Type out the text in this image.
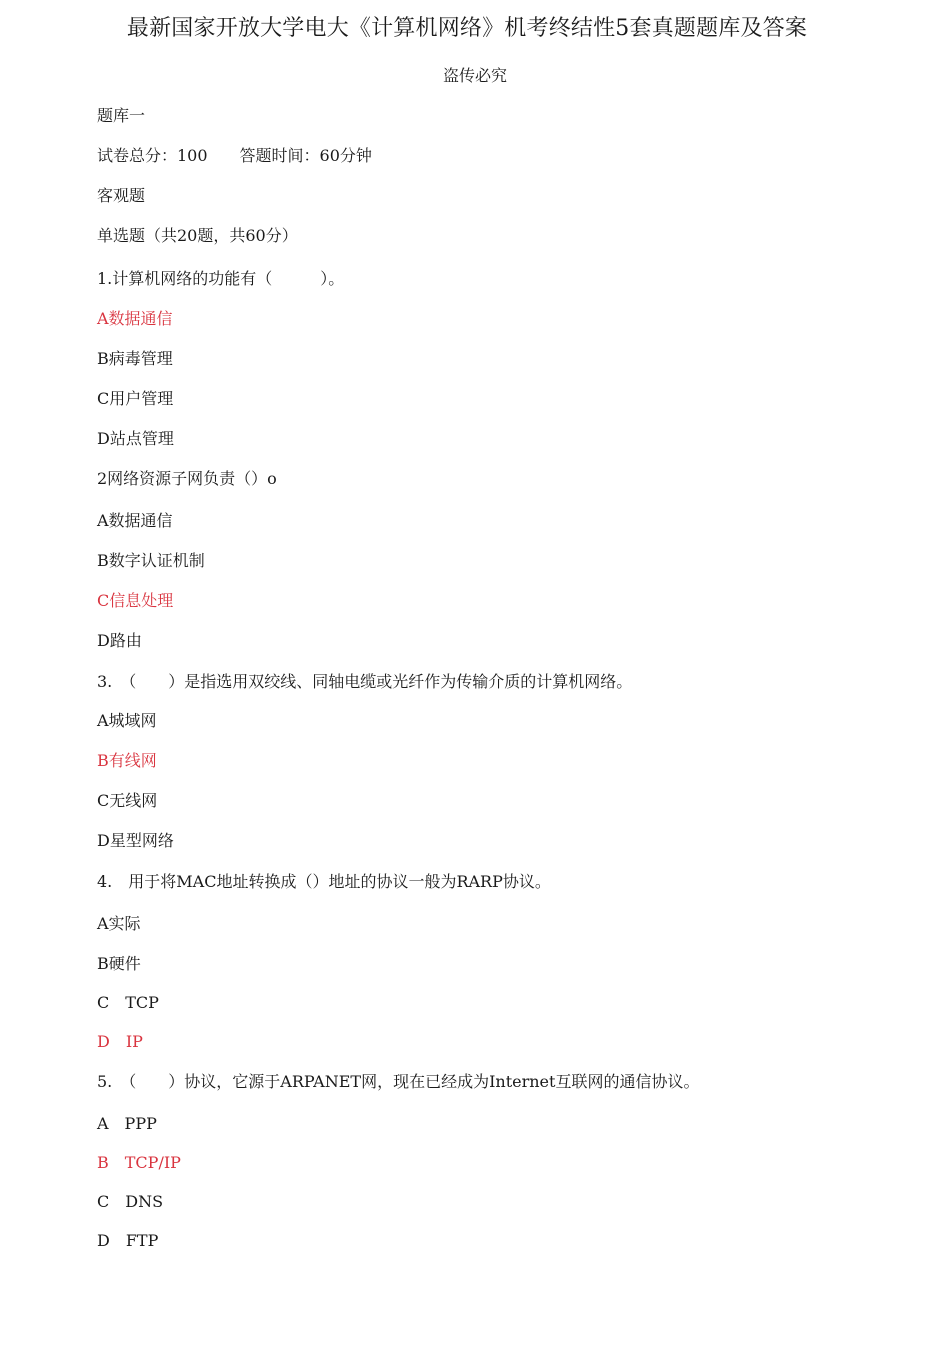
最新国家开放大学电大《计算机网络》机考终结性5套真题题库及答案
盗传必究
题库一
试卷总分：100　　答题时间：60分钟
客观题
单选题（共20题，共60分）
1.计算机网络的功能有（　　　）。
A数据通信
B病毒管理
C用户管理
D站点管理
2网络资源子网负责（）o
A数据通信
B数字认证机制
C信息处理
D路由
3.　（　　）是指选用双绞线、同轴电缆或光纤作为传输介质的计算机网络。
A城域网
B有线网
C无线网
D星型网络
4.　用于将MAC地址转换成（）地址的协议一般为RARP协议。
A实际
B硬件
C　TCP
D　IP
5.　（　　）协议，它源于ARPANET网，现在已经成为Internet互联网的通信协议。
A　PPP
B　TCP/IP
C　DNS
D　FTP
